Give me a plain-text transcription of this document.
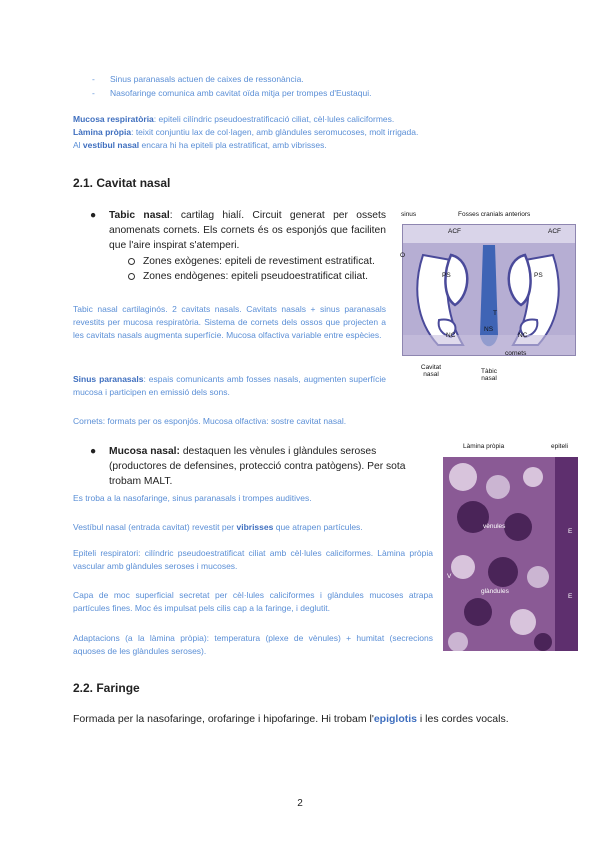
- Sinus paranasals actuen de caixes de ressonància.
- Nasofaringe comunica amb cavitat oïda mitja per trompes d'Eustaqui.
Mucosa respiratòria: epiteli cilíndric pseudoestratificació ciliat, cèl·lules caliciformes.
Làmina pròpia: teixit conjuntiu lax de col·lagen, amb glàndules seromucoses, molt irrigada.
Al vestíbul nasal encara hi ha epiteli pla estratificat, amb vibrisses.
2.1. Cavitat nasal
● Tabic nasal: cartilag hialí. Circuit generat per ossets anomenats cornets. Els cornets és os esponjós que faciliten que l'aire inspirat s'atemperi.
Zones exògenes: epiteli de revestiment estratificat.
Zones endògenes: epiteli pseudoestratificat ciliat.
Tabic nasal cartilaginós. 2 cavitats nasals. Cavitats nasals + sinus paranasals revestits per mucosa respiratòria. Sistema de cornets dels ossos que projecten a les cavitats nasals augmenta superfície. Mucosa olfactiva variable entre espècies.
Sinus paranasals: espais comunicants amb fosses nasals, augmenten superfície mucosa i participen en emissió dels sons.
Cornets: formats per os esponjós. Mucosa olfactiva: sostre cavitat nasal.
sinus	Fosses cranials anteriors
ACF	ACF
O
PS	PS
T
NC
NS
NC
cornets
Cavitat nasal	Tàbic nasal
● Mucosa nasal: destaquen les vènules i glàndules seroses (productores de defensines, protecció contra patògens). Per sota trobam MALT.
Es troba a la nasofaringe, sinus paranasals i trompes auditives.
Vestíbul nasal (entrada cavitat) revestit per vibrisses que atrapen partícules.
Epiteli respiratori: cilíndric pseudoestratificat ciliat amb cèl·lules caliciformes. Làmina pròpia vascular amb glàndules seroses i mucoses.
Capa de moc superficial secretat per cèl·lules caliciformes i glàndules mucoses atrapa partícules fines. Moc és impulsat pels cilis cap a la faringe, i deglutit.
Adaptacions (a la làmina pròpia): temperatura (plexe de vènules) + humitat (secrecions aquoses de les glàndules seroses).
Làmina pròpia	epiteli
vènules
V
glàndules
E
E
2.2. Faringe
Formada per la nasofaringe, orofaringe i hipofaringe. Hi trobam l'epiglotis i les cordes vocals.
2
